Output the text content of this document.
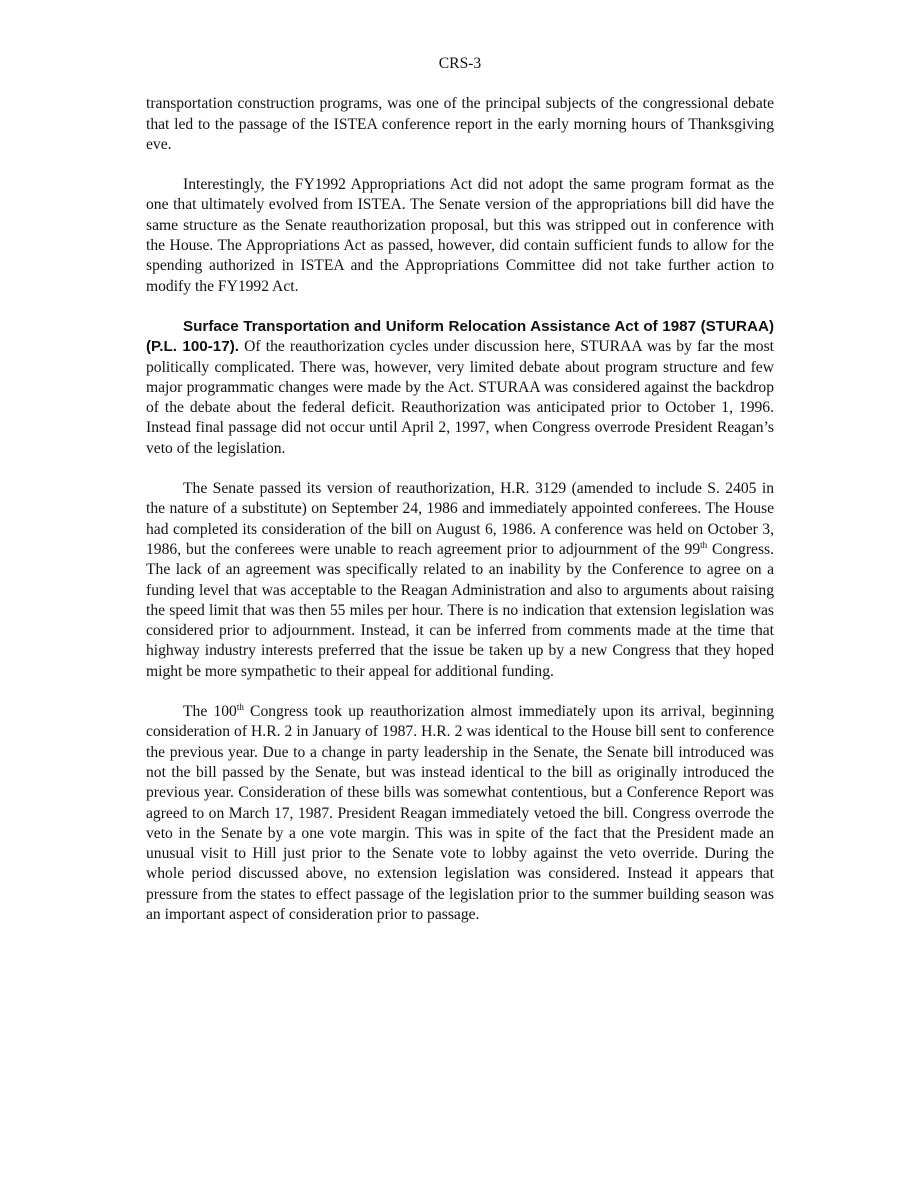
CRS-3

transportation construction programs, was one of the principal subjects of the congressional debate that led to the passage of the ISTEA conference report in the early morning hours of Thanksgiving eve.

Interestingly, the FY1992 Appropriations Act did not adopt the same program format as the one that ultimately evolved from ISTEA. The Senate version of the appropriations bill did have the same structure as the Senate reauthorization proposal, but this was stripped out in conference with the House. The Appropriations Act as passed, however, did contain sufficient funds to allow for the spending authorized in ISTEA and the Appropriations Committee did not take further action to modify the FY1992 Act.

Surface Transportation and Uniform Relocation Assistance Act of 1987 (STURAA)(P.L. 100-17). Of the reauthorization cycles under discussion here, STURAA was by far the most politically complicated. There was, however, very limited debate about program structure and few major programmatic changes were made by the Act. STURAA was considered against the backdrop of the debate about the federal deficit. Reauthorization was anticipated prior to October 1, 1996. Instead final passage did not occur until April 2, 1997, when Congress overrode President Reagan’s veto of the legislation.

The Senate passed its version of reauthorization, H.R. 3129 (amended to include S. 2405 in the nature of a substitute) on September 24, 1986 and immediately appointed conferees. The House had completed its consideration of the bill on August 6, 1986. A conference was held on October 3, 1986, but the conferees were unable to reach agreement prior to adjournment of the 99th Congress. The lack of an agreement was specifically related to an inability by the Conference to agree on a funding level that was acceptable to the Reagan Administration and also to arguments about raising the speed limit that was then 55 miles per hour. There is no indication that extension legislation was considered prior to adjournment. Instead, it can be inferred from comments made at the time that highway industry interests preferred that the issue be taken up by a new Congress that they hoped might be more sympathetic to their appeal for additional funding.

The 100th Congress took up reauthorization almost immediately upon its arrival, beginning consideration of H.R. 2 in January of 1987. H.R. 2 was identical to the House bill sent to conference the previous year. Due to a change in party leadership in the Senate, the Senate bill introduced was not the bill passed by the Senate, but was instead identical to the bill as originally introduced the previous year. Consideration of these bills was somewhat contentious, but a Conference Report was agreed to on March 17, 1987. President Reagan immediately vetoed the bill. Congress overrode the veto in the Senate by a one vote margin. This was in spite of the fact that the President made an unusual visit to Hill just prior to the Senate vote to lobby against the veto override. During the whole period discussed above, no extension legislation was considered. Instead it appears that pressure from the states to effect passage of the legislation prior to the summer building season was an important aspect of consideration prior to passage.
